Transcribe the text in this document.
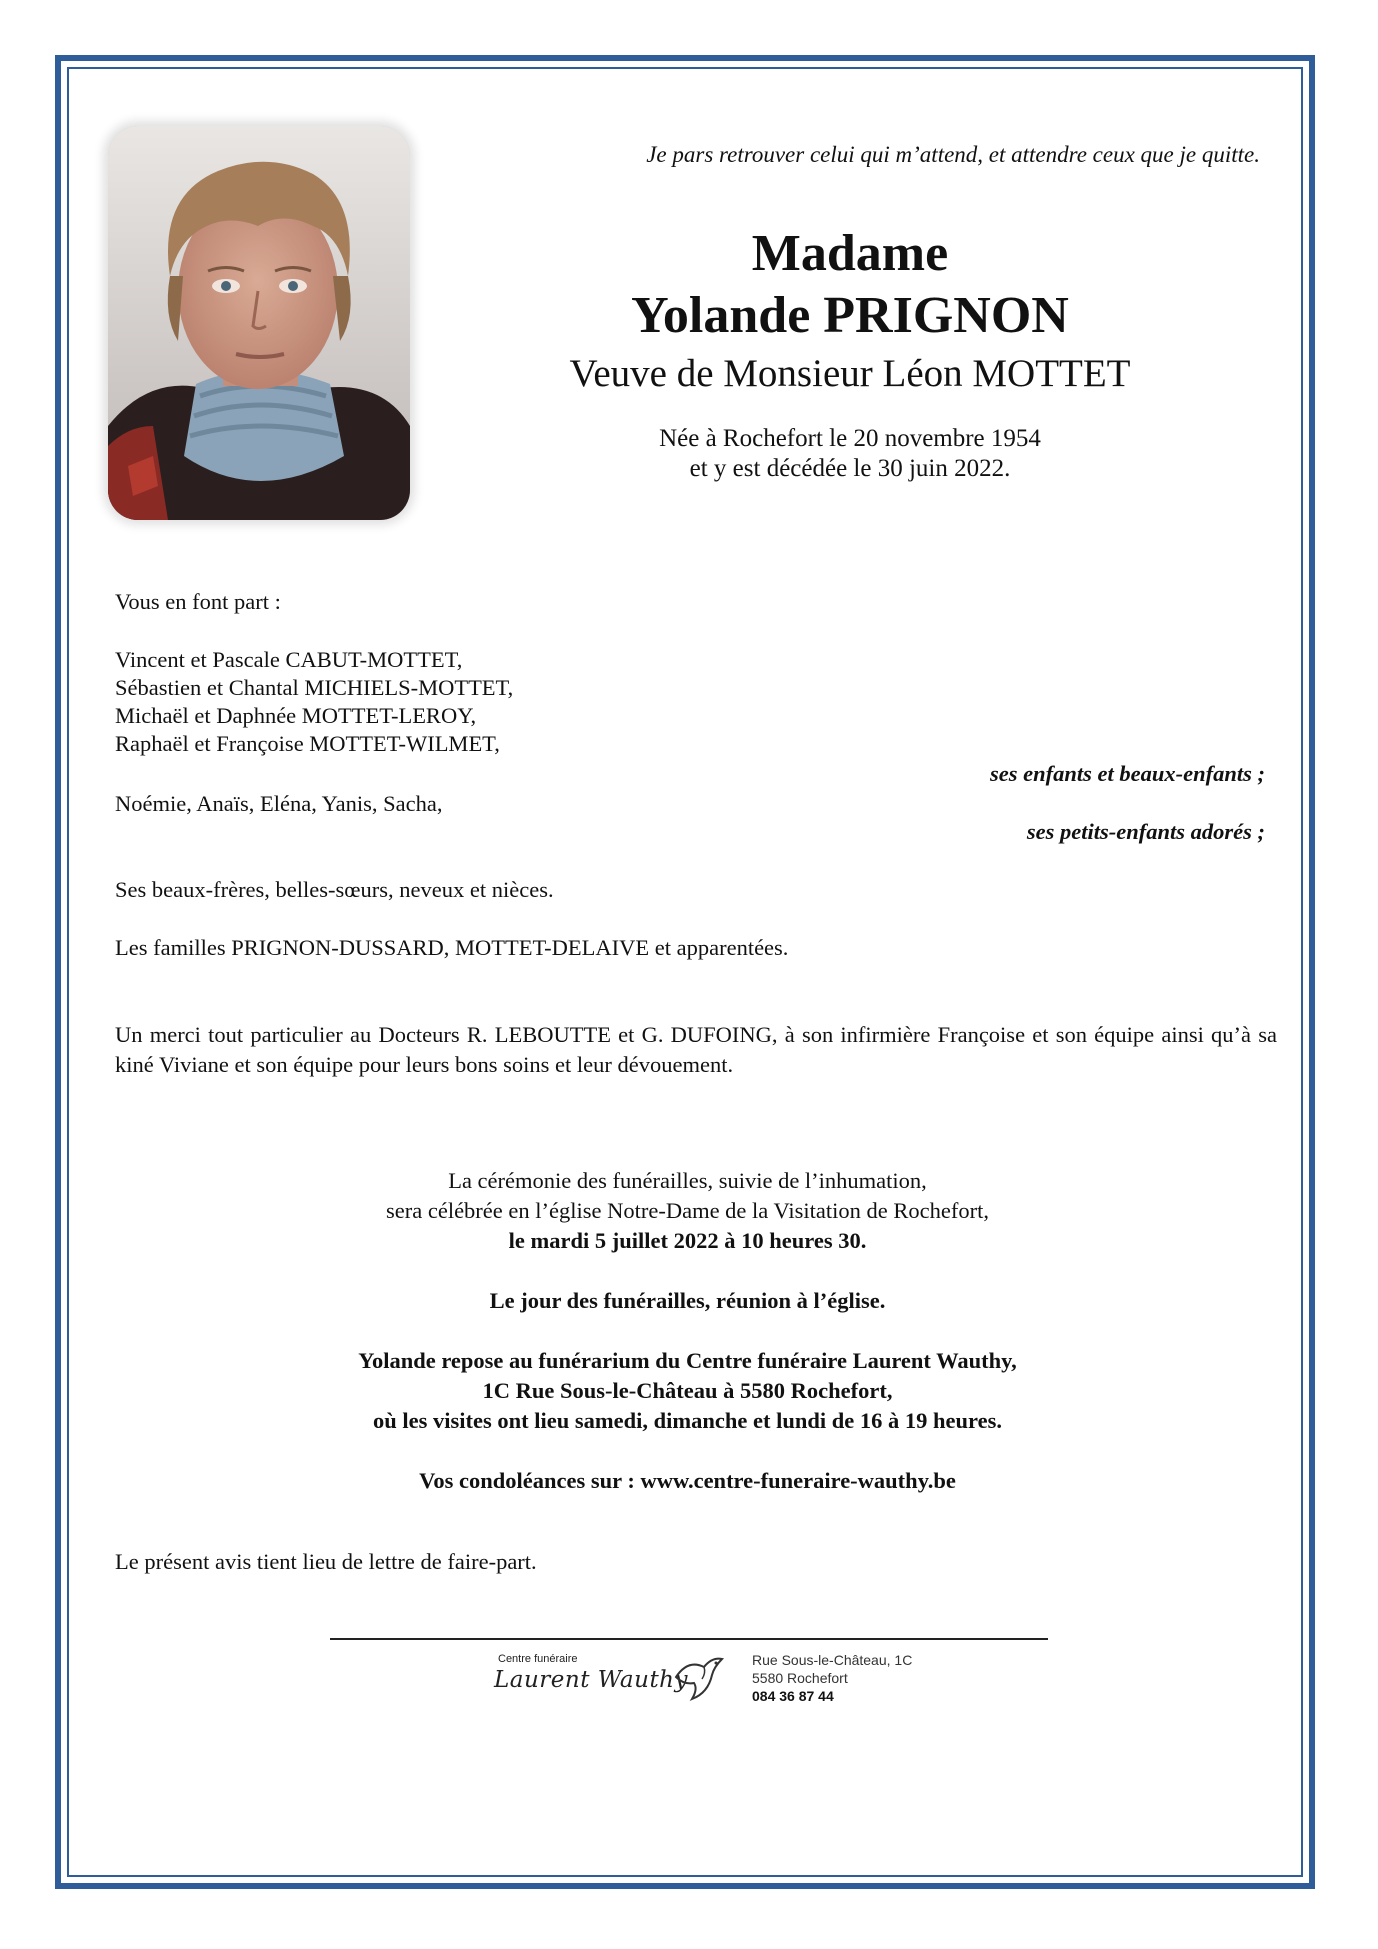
Je pars retrouver celui qui m’attend, et attendre ceux que je quitte.
Madame
Yolande PRIGNON
Veuve de Monsieur Léon MOTTET
Née à Rochefort le 20 novembre 1954
et y est décédée le 30 juin 2022.
Vous en font part :
Vincent et Pascale CABUT-MOTTET,
Sébastien et Chantal MICHIELS-MOTTET,
Michaël et Daphnée MOTTET-LEROY,
Raphaël et Françoise MOTTET-WILMET,
ses enfants et beaux-enfants ;
Noémie, Anaïs, Eléna, Yanis, Sacha,
ses petits-enfants adorés ;
Ses beaux-frères, belles-sœurs, neveux et nièces.
Les familles PRIGNON-DUSSARD, MOTTET-DELAIVE et apparentées.
Un merci tout particulier au Docteurs R. LEBOUTTE et G. DUFOING, à son infirmière Françoise et son équipe ainsi qu’à sa kiné Viviane et son équipe pour leurs bons soins et leur dévouement.
La cérémonie des funérailles, suivie de l’inhumation,
sera célébrée en l’église Notre-Dame de la Visitation de Rochefort,
le mardi 5 juillet 2022 à 10 heures 30.
Le jour des funérailles, réunion à l’église.
Yolande repose au funérarium du Centre funéraire Laurent Wauthy,
1C Rue Sous-le-Château à 5580 Rochefort,
où les visites ont lieu samedi, dimanche et lundi de 16 à 19 heures.
Vos condoléances sur : www.centre-funeraire-wauthy.be
Le présent avis tient lieu de lettre de faire-part.
Centre funéraire
Laurent Wauthy
Rue Sous-le-Château, 1C
5580 Rochefort
084 36 87 44
